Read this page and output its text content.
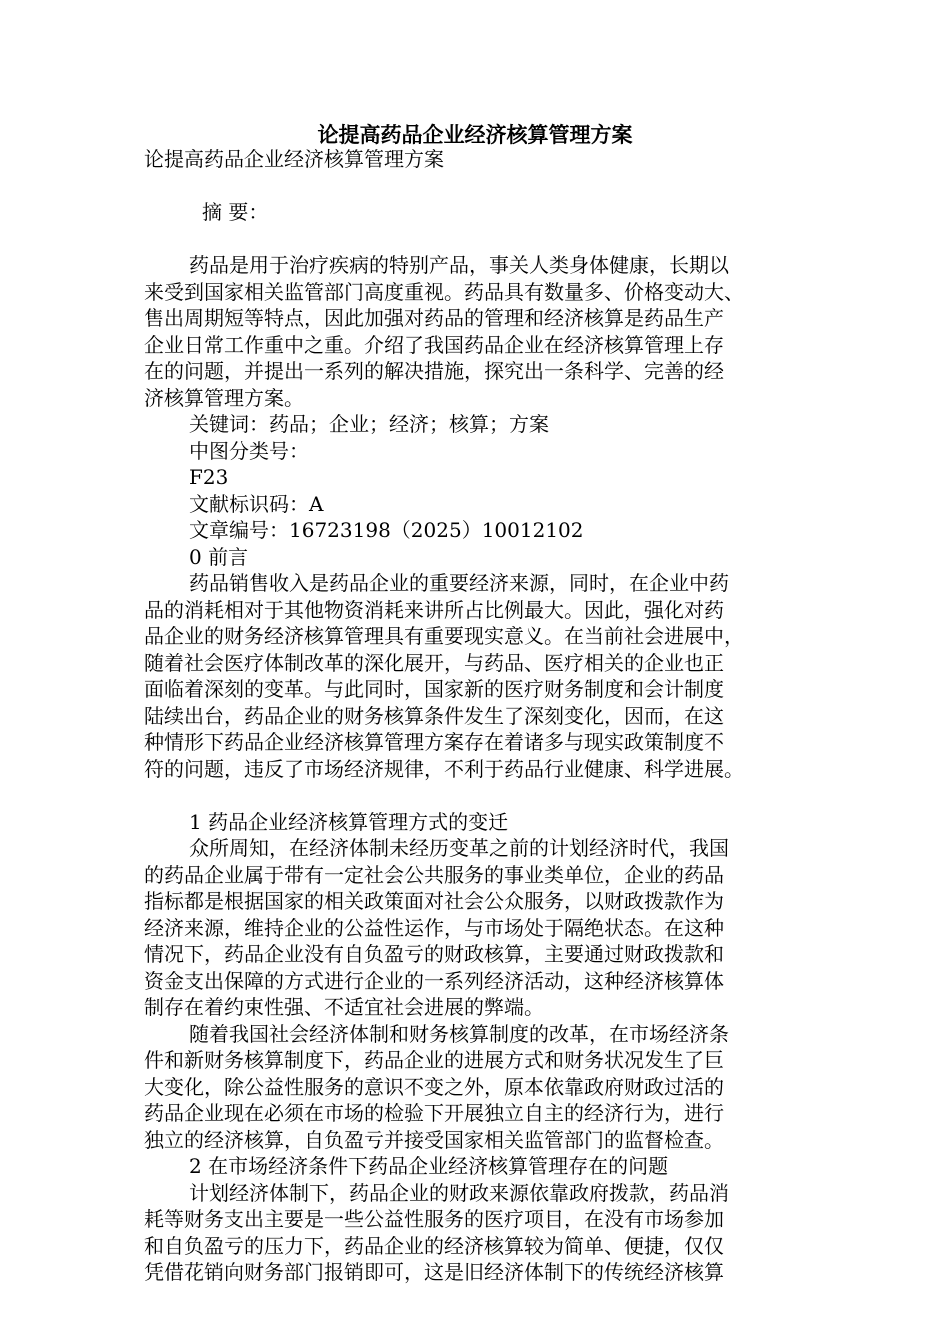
论提高药品企业经济核算管理方案
论提高药品企业经济核算管理方案
摘 要：
药品是用于治疗疾病的特别产品，事关人类身体健康，长期以
来受到国家相关监管部门高度重视。药品具有数量多、价格变动大、
售出周期短等特点，因此加强对药品的管理和经济核算是药品生产
企业日常工作重中之重。介绍了我国药品企业在经济核算管理上存
在的问题，并提出一系列的解决措施，探究出一条科学、完善的经
济核算管理方案。
关键词：药品；企业；经济；核算；方案
中图分类号：
F23
文献标识码：A
文章编号：16723198（2025）10012102
0 前言
药品销售收入是药品企业的重要经济来源，同时，在企业中药
品的消耗相对于其他物资消耗来讲所占比例最大。因此，强化对药
品企业的财务经济核算管理具有重要现实意义。在当前社会进展中，
随着社会医疗体制改革的深化展开，与药品、医疗相关的企业也正
面临着深刻的变革。与此同时，国家新的医疗财务制度和会计制度
陆续出台，药品企业的财务核算条件发生了深刻变化，因而，在这
种情形下药品企业经济核算管理方案存在着诸多与现实政策制度不
符的问题，违反了市场经济规律，不利于药品行业健康、科学进展。
1 药品企业经济核算管理方式的变迁
众所周知，在经济体制未经历变革之前的计划经济时代，我国
的药品企业属于带有一定社会公共服务的事业类单位，企业的药品
指标都是根据国家的相关政策面对社会公众服务，以财政拨款作为
经济来源，维持企业的公益性运作，与市场处于隔绝状态。在这种
情况下，药品企业没有自负盈亏的财政核算，主要通过财政拨款和
资金支出保障的方式进行企业的一系列经济活动，这种经济核算体
制存在着约束性强、不适宜社会进展的弊端。
随着我国社会经济体制和财务核算制度的改革，在市场经济条
件和新财务核算制度下，药品企业的进展方式和财务状况发生了巨
大变化，除公益性服务的意识不变之外，原本依靠政府财政过活的
药品企业现在必须在市场的检验下开展独立自主的经济行为，进行
独立的经济核算，自负盈亏并接受国家相关监管部门的监督检查。
2 在市场经济条件下药品企业经济核算管理存在的问题
计划经济体制下，药品企业的财政来源依靠政府拨款，药品消
耗等财务支出主要是一些公益性服务的医疗项目，在没有市场参加
和自负盈亏的压力下，药品企业的经济核算较为简单、便捷，仅仅
凭借花销向财务部门报销即可，这是旧经济体制下的传统经济核算
